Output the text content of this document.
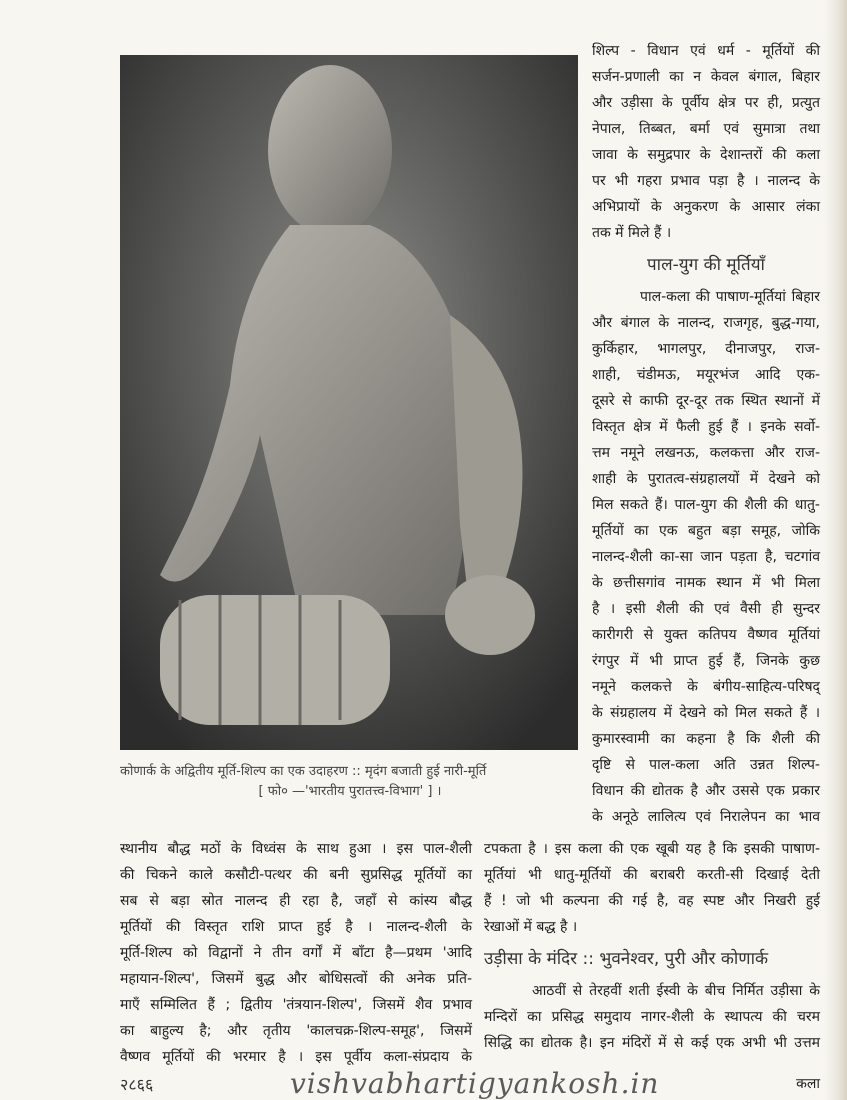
शिल्प - विधान एवं धर्म - मूर्तियों की

सर्जन-प्रणाली का न केवल बंगाल, बिहार

और उड़ीसा के पूर्वीय क्षेत्र पर ही, प्रत्युत

नेपाल, तिब्बत, बर्मा एवं सुमात्रा तथा

जावा के समुद्रपार के देशान्तरों की कला

पर भी गहरा प्रभाव पड़ा है । नालन्द के

अभिप्रायों के अनुकरण के आसार लंका

तक में मिले हैं ।

पाल-युग की मूर्तियाँ

पाल-कला की पाषाण-मूर्तियां बिहार

और बंगाल के नालन्द, राजगृह, बुद्ध-गया,

कुर्किहार, भागलपुर, दीनाजपुर, राज-

शाही, चंडीमऊ, मयूरभंज आदि एक-

दूसरे से काफी दूर-दूर तक स्थित स्थानों में

विस्तृत क्षेत्र में फैली हुई हैं । इनके सर्वो-

त्तम नमूने लखनऊ, कलकत्ता और राज-

शाही के पुरातत्व-संग्रहालयों में देखने को

मिल सकते हैं। पाल-युग की शैली की धातु-

मूर्तियों का एक बहुत बड़ा समूह, जोकि

नालन्द-शैली का-सा जान पड़ता है, चटगांव

के छत्तीसगांव नामक स्थान में भी मिला

है । इसी शैली की एवं वैसी ही सुन्दर

कारीगरी से युक्त कतिपय वैष्णव मूर्तियां

रंगपुर में भी प्राप्त हुई हैं, जिनके कुछ

नमूने कलकत्ते के बंगीय-साहित्य-परिषद्

के संग्रहालय में देखने को मिल सकते हैं ।

कुमारस्वामी का कहना है कि शैली की

दृष्टि से पाल-कला अति उन्नत शिल्प-

विधान की द्योतक है और उससे एक प्रकार

के अनूठे लालित्य एवं निरालेपन का भाव

कोणार्क के अद्वितीय मूर्ति-शिल्प का एक उदाहरण :: मृदंग बजाती हुई नारी-मूर्ति
[ फो० —'भारतीय पुरातत्त्व-विभाग' ] ।

स्थानीय बौद्ध मठों के विध्वंस के साथ हुआ । इस पाल-शैली

की चिकने काले कसौटी-पत्थर की बनी सुप्रसिद्ध मूर्तियों का

सब से बड़ा स्रोत नालन्द ही रहा है, जहाँ से कांस्य बौद्ध

मूर्तियों की विस्तृत राशि प्राप्त हुई है । नालन्द-शैली के

मूर्ति-शिल्प को विद्वानों ने तीन वर्गों में बाँटा है—प्रथम 'आदि

महायान-शिल्प', जिसमें बुद्ध और बोधिसत्वों की अनेक प्रति-

माएँ सम्मिलित हैं ; द्वितीय 'तंत्रयान-शिल्प', जिसमें शैव प्रभाव

का बाहुल्य है; और तृतीय 'कालचक्र-शिल्प-समूह', जिसमें

वैष्णव मूर्तियों की भरमार है । इस पूर्वीय कला-संप्रदाय के

टपकता है । इस कला की एक खूबी यह है कि इसकी पाषाण-

मूर्तियां भी धातु-मूर्तियों की बराबरी करती-सी दिखाई देती

हैं ! जो भी कल्पना की गई है, वह स्पष्ट और निखरी हुई

रेखाओं में बद्ध है ।

उड़ीसा के मंदिर :: भुवनेश्वर, पुरी और कोणार्क

आठवीं से तेरहवीं शती ईस्वी के बीच निर्मित उड़ीसा के

मन्दिरों का प्रसिद्ध समुदाय नागर-शैली के स्थापत्य की चरम

सिद्धि का द्योतक है। इन मंदिरों में से कई एक अभी भी उत्तम

२८६६	vishvabhartigyankosh.in	कला
